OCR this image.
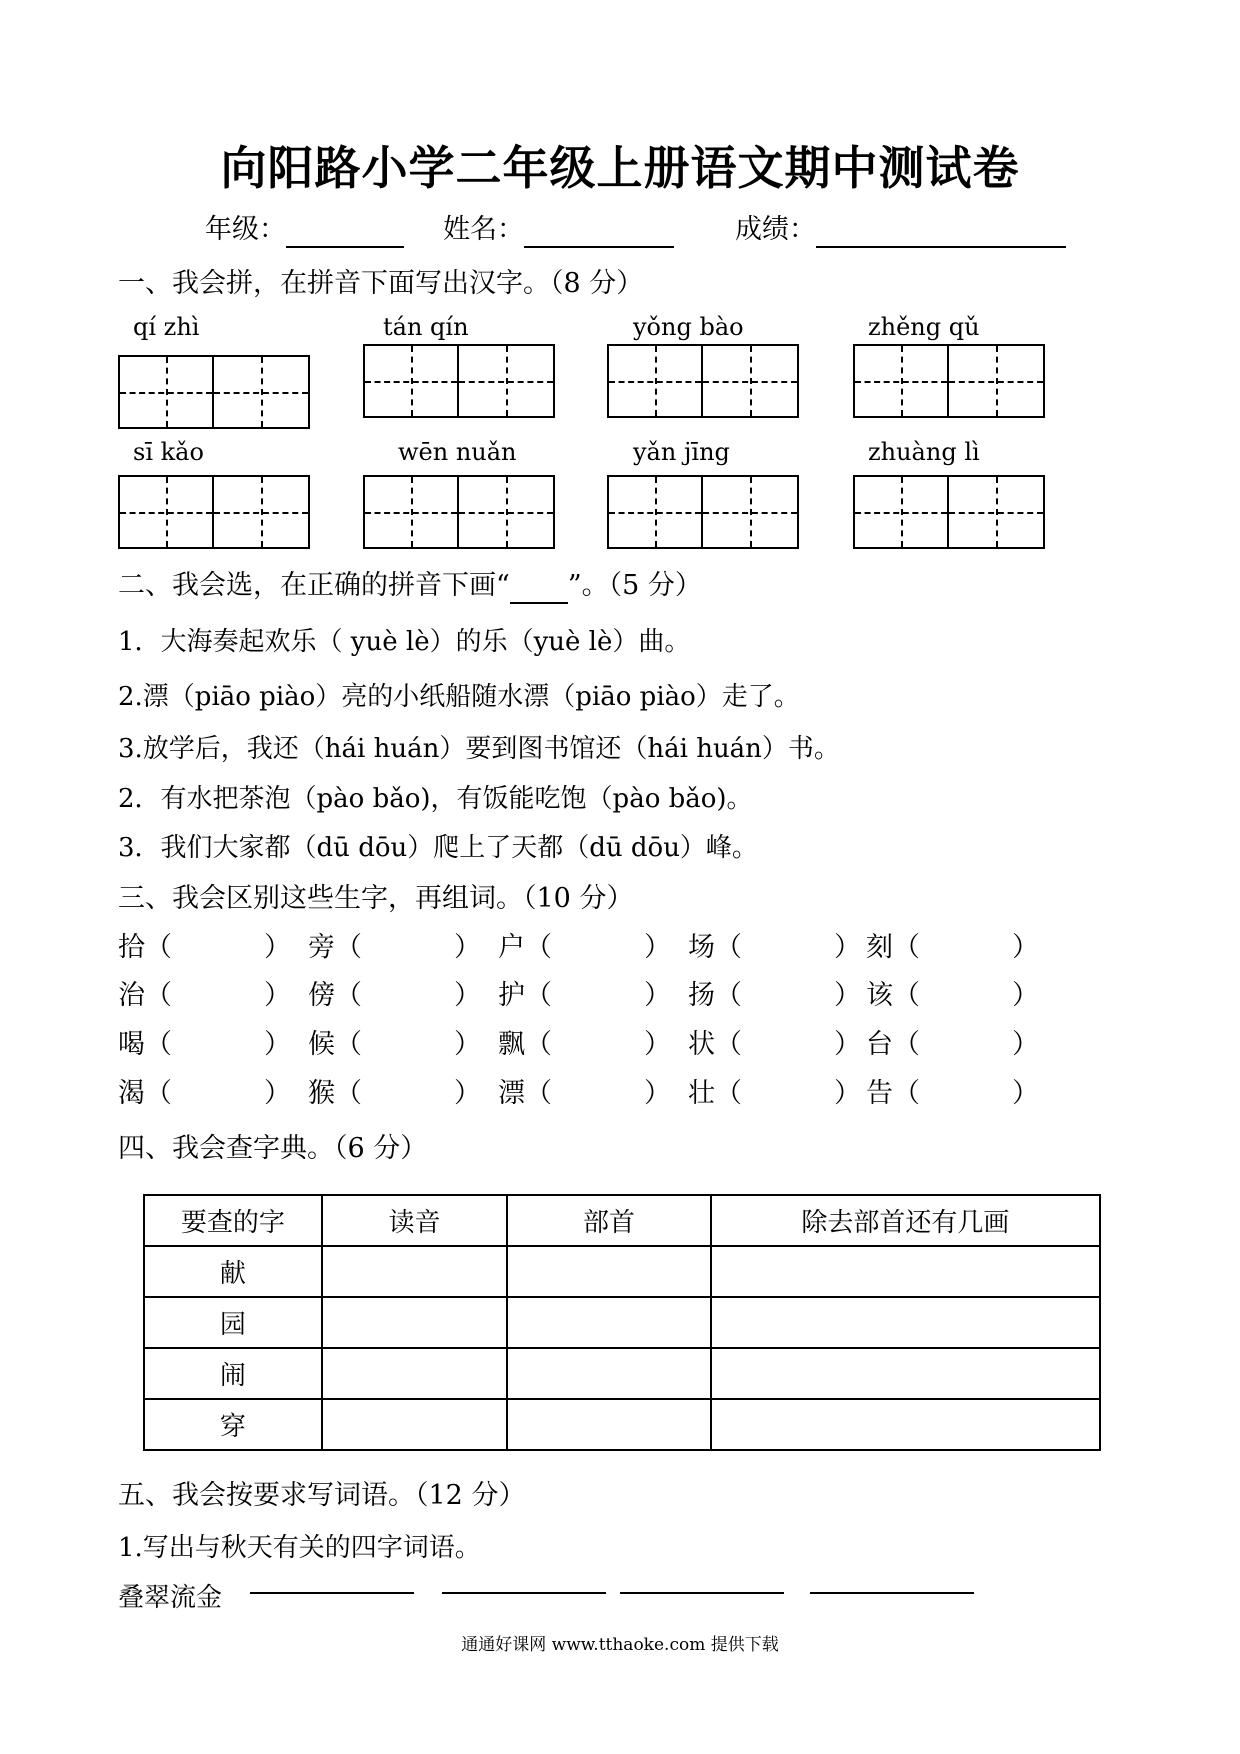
向阳路小学二年级上册语文期中测试卷
年级：	姓名：	成绩：
一、我会拼，在拼音下面写出汉字。（8 分）
qí zhì	tán qín	yǒng bào	zhěng qǔ
sī kǎo	wēn nuǎn	yǎn jīng	zhuàng lì
二、我会选，在正确的拼音下画“ ”。（5 分）
1．大海奏起欢乐（ yuè lè）的乐（yuè lè）曲。
2.漂（piāo piào）亮的小纸船随水漂（piāo piào）走了。
3.放学后，我还（hái huán）要到图书馆还（hái huán）书。
2．有水把茶泡（pào bǎo)，有饭能吃饱（pào bǎo)。
3．我们大家都（dū dōu）爬上了天都（dū dōu）峰。
三、我会区别这些生字，再组词。（10 分）
拾（	） 旁（	） 户（	） 场（	） 刻（	）
治（	） 傍（	） 护（	） 扬（	） 该（	）
喝（	） 候（	） 飘（	） 状（	） 台（	）
渴（	） 猴（	） 漂（	） 壮（	） 告（	）
四、我会查字典。（6 分）
要查的字	读音	部首	除去部首还有几画
献			
园			
闹			
穿			
五、我会按要求写词语。（12 分）
1.写出与秋天有关的四字词语。
叠翠流金
通通好课网 www.tthaoke.com 提供下载
